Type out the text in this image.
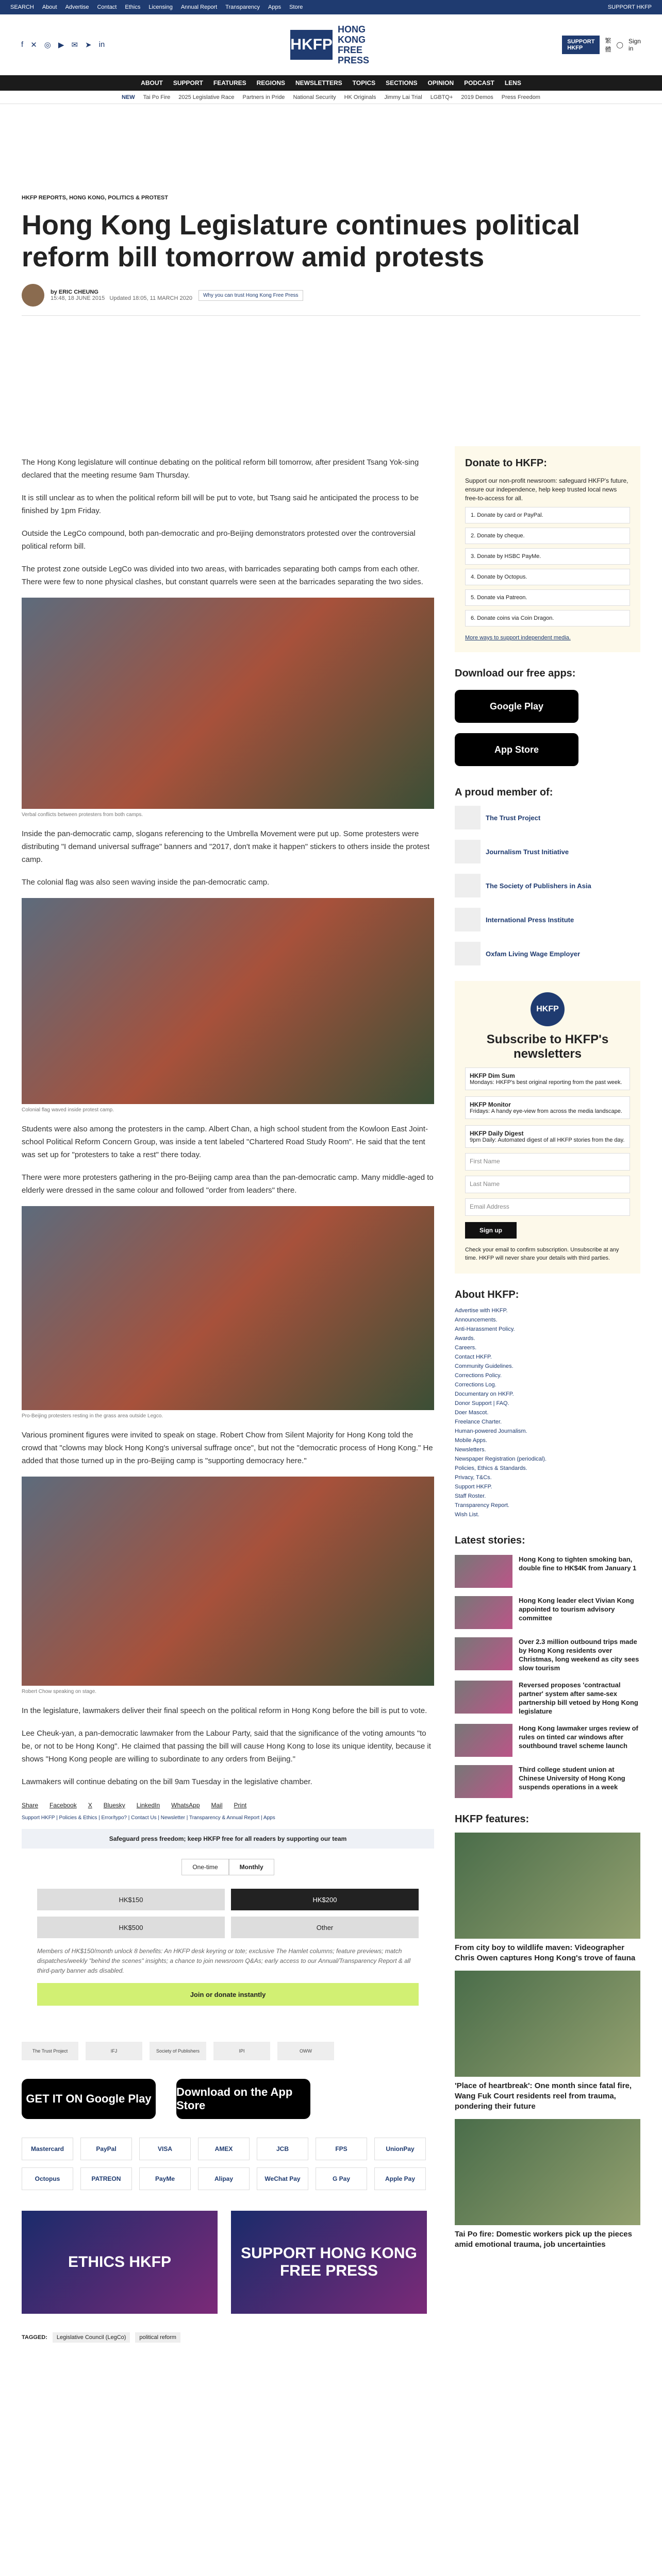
SEARCH About Advertise Contact Ethics Licensing Annual Report Transparency Apps Store	SUPPORT HKFP
f ✕ ◎ ▶ ✉ ➤ in	HKFP
HONG KONG
FREE PRESS
SUPPORT HKFP
繁體
◯ Sign in
ABOUT SUPPORT FEATURES REGIONS NEWSLETTERS TOPICS SECTIONS OPINION PODCAST LENS
NEW Tai Po Fire 2025 Legislative Race Partners in Pride National Security HK Originals Jimmy Lai Trial LGBTQ+ 2019 Demos Press Freedom
HKFP REPORTS, HONG KONG, POLITICS & PROTEST
Hong Kong Legislature continues political reform bill tomorrow amid protests
by ERIC CHEUNG
15:48, 18 JUNE 2015 Updated 18:05, 11 MARCH 2020	Why you can trust Hong Kong Free Press

The Hong Kong legislature will continue debating on the political reform bill tomorrow, after president Tsang Yok-sing declared that the meeting resume 9am Thursday.

It is still unclear as to when the political reform bill will be put to vote, but Tsang said he anticipated the process to be finished by 1pm Friday.

Outside the LegCo compound, both pan-democratic and pro-Beijing demonstrators protested over the controversial political reform bill.

The protest zone outside LegCo was divided into two areas, with barricades separating both camps from each other. There were few to none physical clashes, but constant quarrels were seen at the barricades separating the two sides.

Verbal conflicts between protesters from both camps.

Inside the pan-democratic camp, slogans referencing to the Umbrella Movement were put up. Some protesters were distributing "I demand universal suffrage" banners and "2017, don't make it happen" stickers to others inside the protest camp.

The colonial flag was also seen waving inside the pan-democratic camp.

Colonial flag waved inside protest camp.

Students were also among the protesters in the camp. Albert Chan, a high school student from the Kowloon East Joint-school Political Reform Concern Group, was inside a tent labeled "Chartered Road Study Room". He said that the tent was set up for "protesters to take a rest" there today.

There were more protesters gathering in the pro-Beijing camp area than the pan-democratic camp. Many middle-aged to elderly were dressed in the same colour and followed "order from leaders" there.

Pro-Beijing protesters resting in the grass area outside Legco.

Various prominent figures were invited to speak on stage. Robert Chow from Silent Majority for Hong Kong told the crowd that "clowns may block Hong Kong's universal suffrage once", but not the "democratic process of Hong Kong." He added that those turned up in the pro-Beijing camp is "supporting democracy here."

Robert Chow speaking on stage.

In the legislature, lawmakers deliver their final speech on the political reform in Hong Kong before the bill is put to vote.

Lee Cheuk-yan, a pan-democratic lawmaker from the Labour Party, said that the significance of the voting amounts "to be, or not to be Hong Kong". He claimed that passing the bill will cause Hong Kong to lose its unique identity, because it shows "Hong Kong people are willing to subordinate to any orders from Beijing."

Lawmakers will continue debating on the bill 9am Tuesday in the legislative chamber.

Share Facebook X Bluesky LinkedIn WhatsApp Mail Print
Support HKFP | Policies & Ethics | Error/typo? | Contact Us | Newsletter | Transparency & Annual Report | Apps
Safeguard press freedom; keep HKFP free for all readers by supporting our team
One-time	Monthly
HK$150	HK$200
HK$500	Other
Members of HK$150/month unlock 8 benefits: An HKFP desk keyring or tote; exclusive The Hamlet columns; feature previews; match dispatches/weekly "behind the scenes" insights; a chance to join newsroom Q&As; early access to our Annual/Transparency Report & all third-party banner ads disabled.
Join or donate instantly
The Trust Project	IFJ	Society of Publishers	IPI	OWW
GET IT ON Google Play
Download on the App Store
Mastercard	PayPal	VISA	AMEX	JCB	FPS	UnionPay
Octopus	PATREON	PayMe	Alipay	WeChat Pay	G Pay	Apple Pay
ETHICS HKFP
SUPPORT HONG KONG FREE PRESS
TAGGED:	Legislative Council (LegCo)	political reform
Donate to HKFP:

Support our non-profit newsroom: safeguard HKFP's future, ensure our independence, help keep trusted local news free-to-access for all.

1. Donate by card or PayPal.
2. Donate by cheque.
3. Donate by HSBC PayMe.
4. Donate by Octopus.
5. Donate via Patreon.
6. Donate coins via Coin Dragon.
More ways to support independent media.
Download our free apps:
Google Play
App Store
A proud member of:
The Trust Project
Journalism Trust Initiative
The Society of Publishers in Asia
International Press Institute
Oxfam Living Wage Employer
HKFP
Subscribe to HKFP's newsletters
HKFP Dim Sum
Mondays: HKFP's best original reporting from the past week.
HKFP Monitor
Fridays: A handy eye-view from across the media landscape.
HKFP Daily Digest
9pm Daily: Automated digest of all HKFP stories from the day.
First Name
Last Name
Email Address
Sign up
Check your email to confirm subscription. Unsubscribe at any time. HKFP will never share your details with third parties.
About HKFP:
Advertise with HKFP.
Announcements.
Anti-Harassment Policy.
Awards.
Careers.
Contact HKFP.
Community Guidelines.
Corrections Policy.
Corrections Log.
Documentary on HKFP.
Donor Support | FAQ.
Doer Mascot.
Freelance Charter.
Human-powered Journalism.
Mobile Apps.
Newsletters.
Newspaper Registration (periodical).
Policies, Ethics & Standards.
Privacy, T&Cs.
Support HKFP.
Staff Roster.
Transparency Report.
Wish List.
Latest stories:
Hong Kong to tighten smoking ban, double fine to HK$4K from January 1
Hong Kong leader elect Vivian Kong appointed to tourism advisory committee
Over 2.3 million outbound trips made by Hong Kong residents over Christmas, long weekend as city sees slow tourism
Reversed proposes 'contractual partner' system after same-sex partnership bill vetoed by Hong Kong legislature
Hong Kong lawmaker urges review of rules on tinted car windows after southbound travel scheme launch
Third college student union at Chinese University of Hong Kong suspends operations in a week
HKFP features:
From city boy to wildlife maven: Videographer Chris Owen captures Hong Kong's trove of fauna
'Place of heartbreak': One month since fatal fire, Wang Fuk Court residents reel from trauma, pondering their future
Tai Po fire: Domestic workers pick up the pieces amid emotional trauma, job uncertainties
